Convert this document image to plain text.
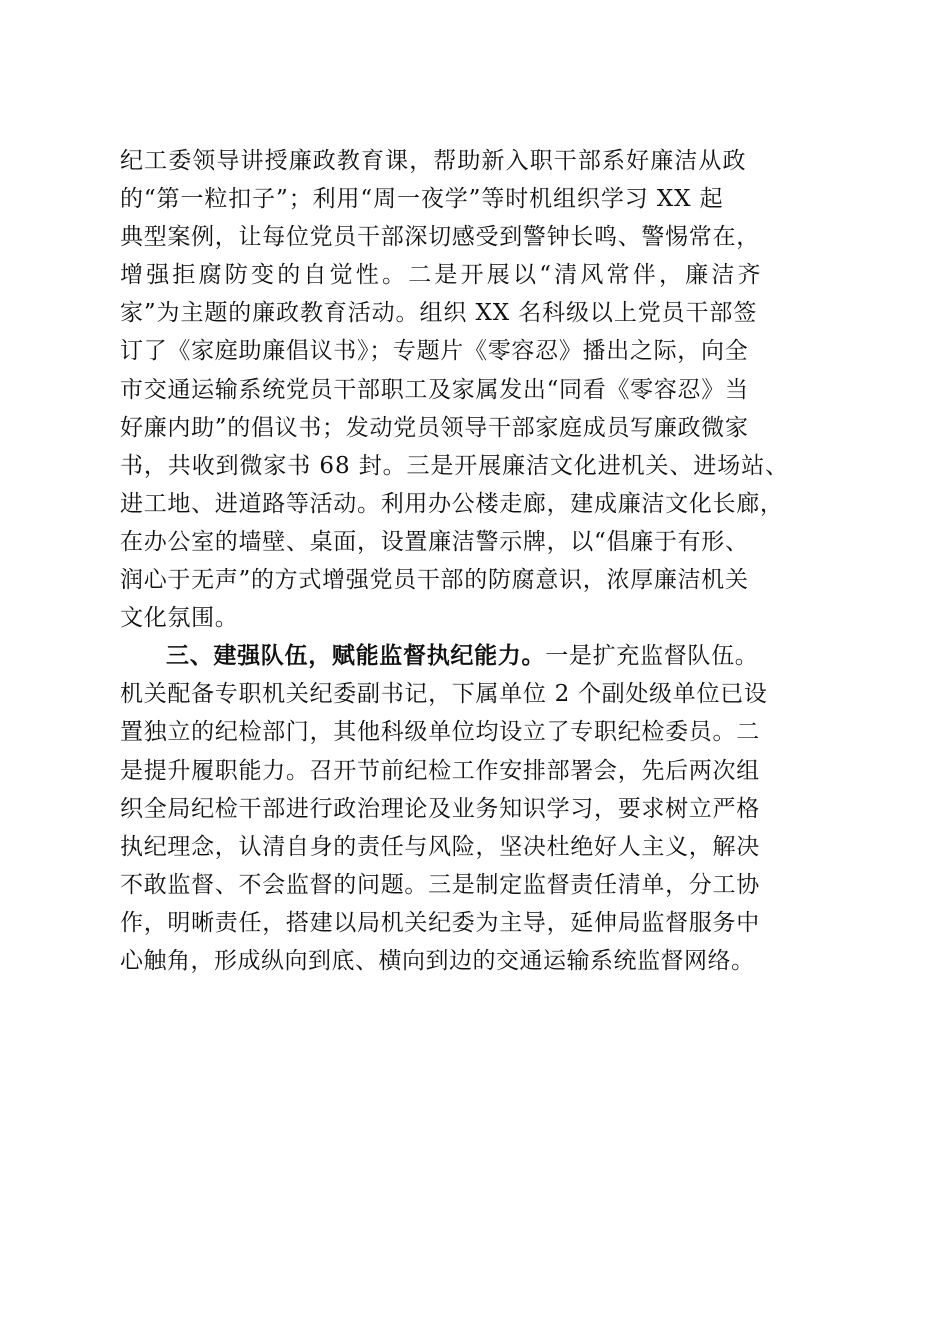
纪工委领导讲授廉政教育课，帮助新入职干部系好廉洁从政
的“第一粒扣子”；利用“周一夜学”等时机组织学习 XX 起
典型案例，让每位党员干部深切感受到警钟长鸣、警惕常在，
增强拒腐防变的自觉性。二是开展以“清风常伴，廉洁齐
家”为主题的廉政教育活动。组织 XX 名科级以上党员干部签
订了《家庭助廉倡议书》；专题片《零容忍》播出之际，向全
市交通运输系统党员干部职工及家属发出“同看《零容忍》当
好廉内助”的倡议书；发动党员领导干部家庭成员写廉政微家
书，共收到微家书 68 封。三是开展廉洁文化进机关、进场站、
进工地、进道路等活动。利用办公楼走廊，建成廉洁文化长廊，
在办公室的墙壁、桌面，设置廉洁警示牌，以“倡廉于有形、
润心于无声”的方式增强党员干部的防腐意识，浓厚廉洁机关
文化氛围。
三、建强队伍，赋能监督执纪能力。一是扩充监督队伍。
机关配备专职机关纪委副书记，下属单位 2 个副处级单位已设
置独立的纪检部门，其他科级单位均设立了专职纪检委员。二
是提升履职能力。召开节前纪检工作安排部署会，先后两次组
织全局纪检干部进行政治理论及业务知识学习，要求树立严格
执纪理念，认清自身的责任与风险，坚决杜绝好人主义，解决
不敢监督、不会监督的问题。三是制定监督责任清单，分工协
作，明晰责任，搭建以局机关纪委为主导，延伸局监督服务中
心触角，形成纵向到底、横向到边的交通运输系统监督网络。
